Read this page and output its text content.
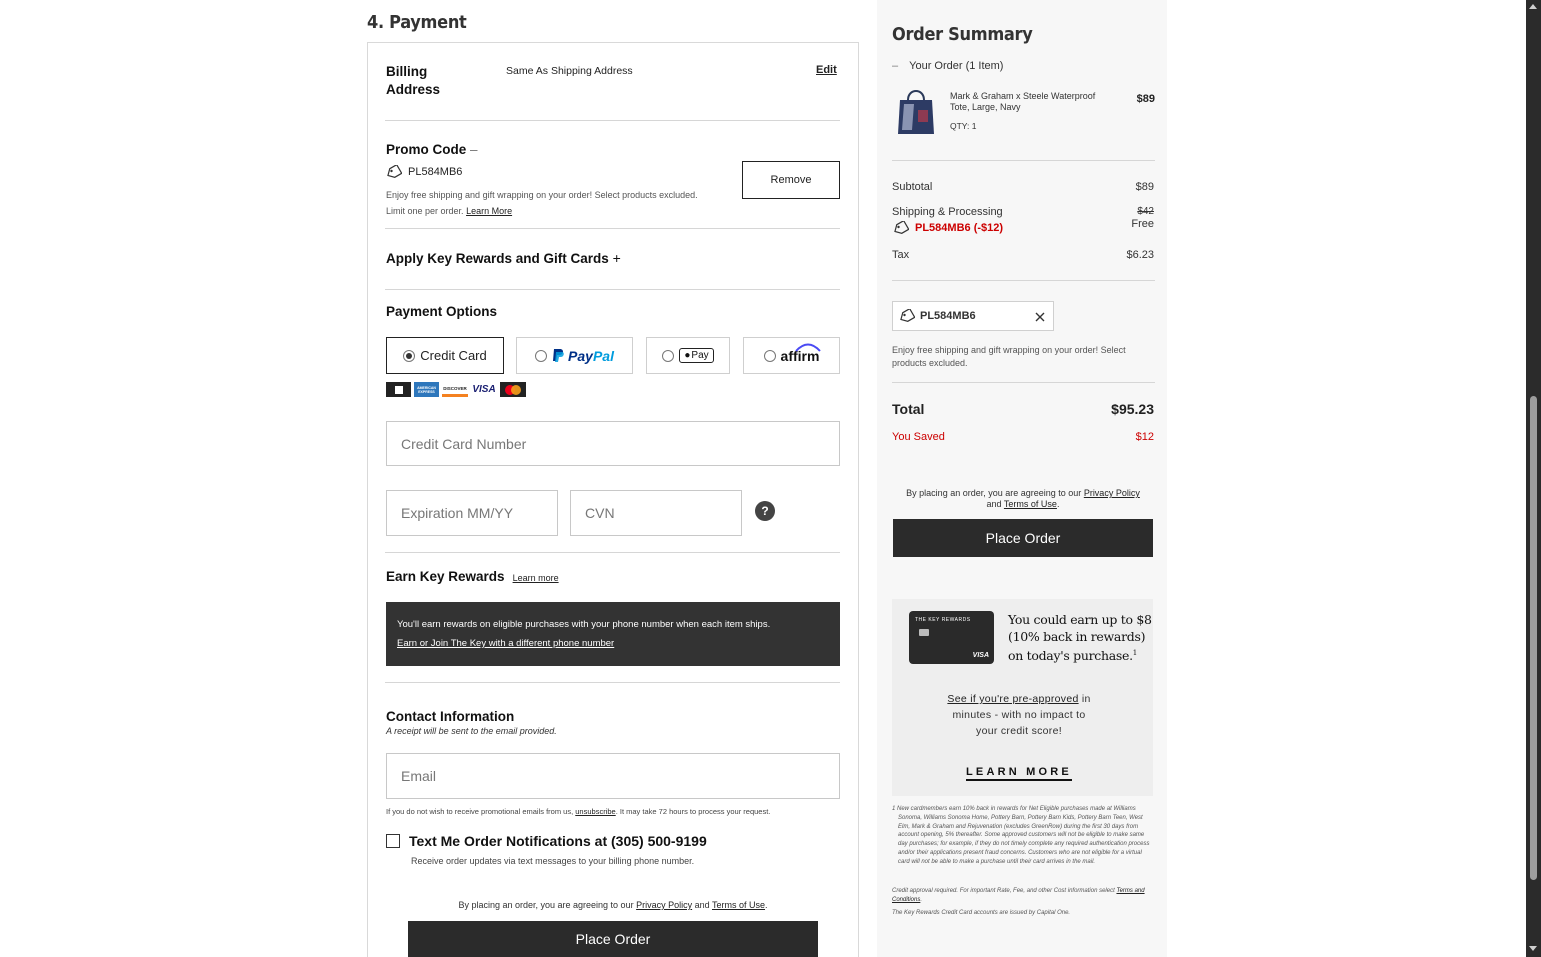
4. Payment
Billing
Address
Same As Shipping Address	Edit
Promo Code –
PL584MB6
Enjoy free shipping and gift wrapping on your order! Select products excluded.
Limit one per order. Learn More
Remove
Apply Key Rewards and Gift Cards +
Payment Options
Credit Card	PayPal	● Pay	affirm
AMERICAN EXPRESS
DISCOVER VISA
Credit Card Number
Expiration MM/YY	CVN	?
Earn Key Rewards Learn more
You'll earn rewards on eligible purchases with your phone number when each item ships.
Earn or Join The Key with a different phone number
Contact Information
A receipt will be sent to the email provided.
Email
If you do not wish to receive promotional emails from us, unsubscribe. It may take 72 hours to process your request.
Text Me Order Notifications at (305) 500-9199
Receive order updates via text messages to your billing phone number.
By placing an order, you are agreeing to our Privacy Policy and Terms of Use.
Place Order
Order Summary
– Your Order (1 Item)
Mark & Graham x Steele Waterproof Tote, Large, Navy
QTY: 1
$89
Subtotal	$89
Shipping & Processing	$42
Free
PL584MB6 (-$12)
Tax	$6.23
PL584MB6
Enjoy free shipping and gift wrapping on your order! Select products excluded.
Total	$95.23
You Saved	$12
By placing an order, you are agreeing to our Privacy Policy
and Terms of Use.
Place Order
THE KEY REWARDS
VISA
You could earn up to $8
(10% back in rewards)
on today's purchase.$^1$
See if you're pre-approved in
minutes - with no impact to
your credit score!
LEARN MORE
1 New cardmembers earn 10% back in rewards for Net Eligible purchases made at Williams Sonoma, Williams Sonoma Home, Pottery Barn, Pottery Barn Kids, Pottery Barn Teen, West Elm, Mark & Graham and Rejuvenation (excludes GreenRow) during the first 30 days from account opening, 5% thereafter. Some approved customers will not be eligible to make same day purchases; for example, if they do not timely complete any required authentication process and/or their applications present fraud concerns. Customers who are not eligible for a virtual card will not be able to make a purchase until their card arrives in the mail.
Credit approval required. For important Rate, Fee, and other Cost information select Terms and Conditions.
The Key Rewards Credit Card accounts are issued by Capital One.
